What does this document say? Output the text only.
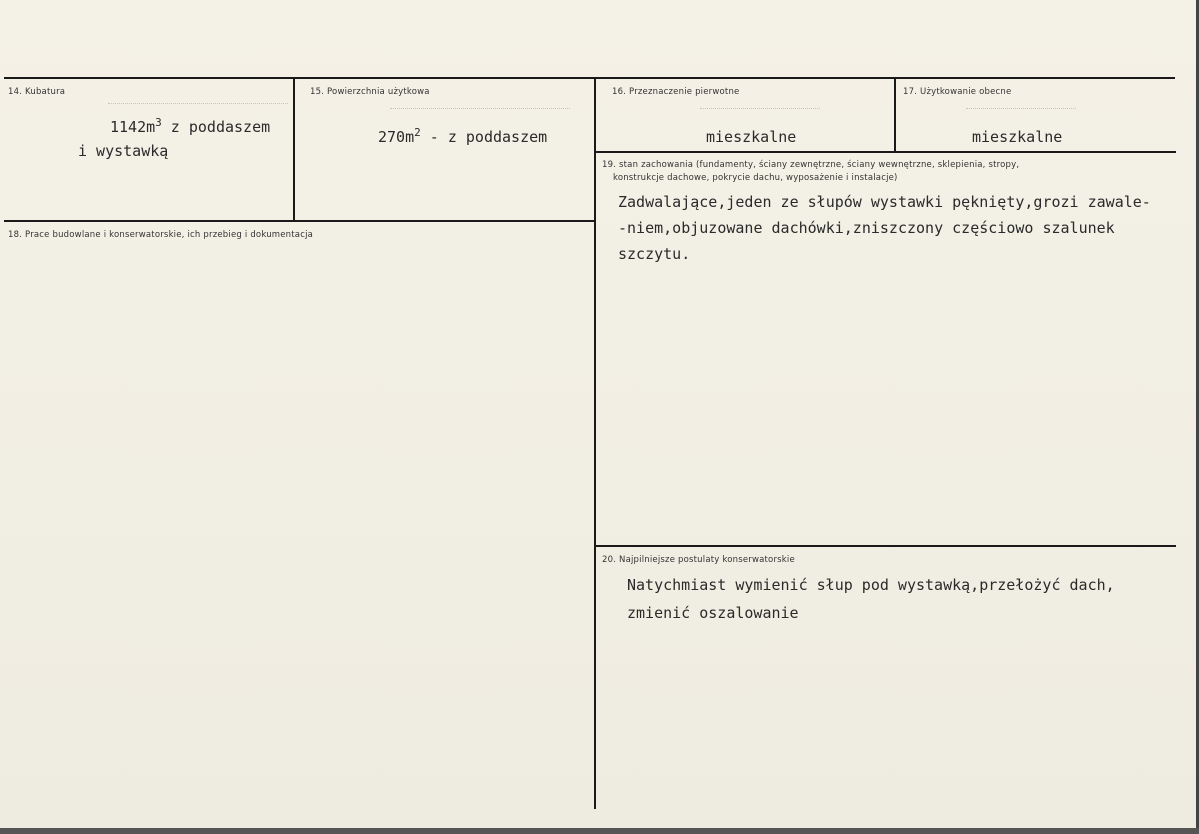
14. Kubatura
$1142m^3$ z poddaszem
i wystawką
15. Powierzchnia użytkowa
$270m^2$ - z poddaszem
16. Przeznaczenie pierwotne
mieszkalne
17. Użytkowanie obecne
mieszkalne
18. Prace budowlane i konserwatorskie, ich przebieg i dokumentacja
19. stan zachowania (fundamenty, ściany zewnętrzne, ściany wewnętrzne, sklepienia, stropy,
konstrukcje dachowe, pokrycie dachu, wyposażenie i instalacje)
Zadwalające,jeden ze słupów wystawki pęknięty,grozi zawale-
-niem,objuzowane dachówki,zniszczony częściowo szalunek
szczytu.
20. Najpilniejsze postulaty konserwatorskie
Natychmiast wymienić słup pod wystawką,przełożyć dach,
zmienić oszalowanie
